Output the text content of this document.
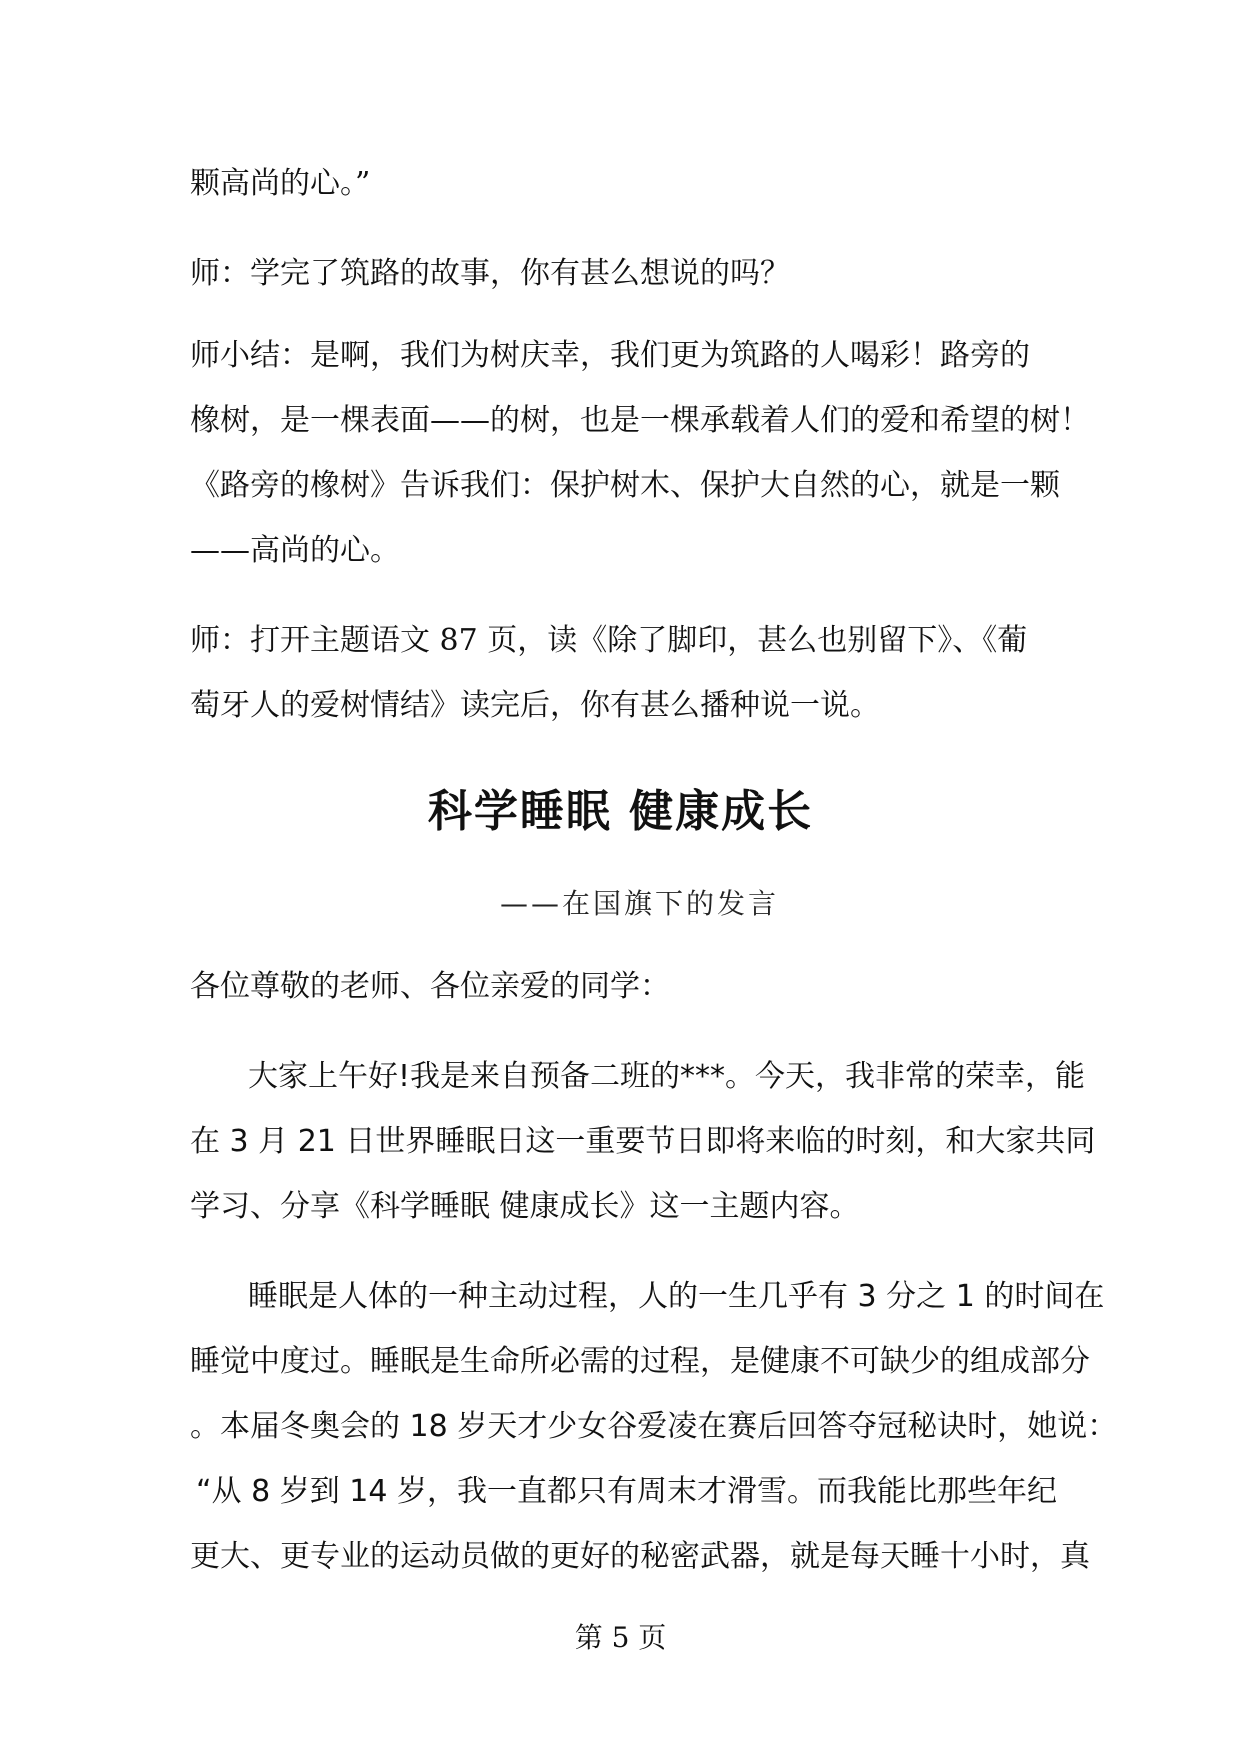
颗高尚的心。”
师：学完了筑路的故事，你有甚么想说的吗？
师小结：是啊，我们为树庆幸，我们更为筑路的人喝彩！路旁的
橡树，是一棵表面——的树，也是一棵承载着人们的爱和希望的树！
《路旁的橡树》告诉我们：保护树木、保护大自然的心，就是一颗
——高尚的心。
师：打开主题语文 87 页，读《除了脚印，甚么也别留下》、《葡
萄牙人的爱树情结》读完后，你有甚么播种说一说。
科学睡眠 健康成长
——在国旗下的发言
各位尊敬的老师、各位亲爱的同学：
大家上午好!我是来自预备二班的***。今天，我非常的荣幸，能
在 3 月 21 日世界睡眠日这一重要节日即将来临的时刻，和大家共同
学习、分享《科学睡眠 健康成长》这一主题内容。
睡眠是人体的一种主动过程，人的一生几乎有 3 分之 1 的时间在
睡觉中度过。睡眠是生命所必需的过程，是健康不可缺少的组成部分
。本届冬奥会的 18 岁天才少女谷爱凌在赛后回答夺冠秘诀时，她说：
“从 8 岁到 14 岁，我一直都只有周末才滑雪。而我能比那些年纪
更大、更专业的运动员做的更好的秘密武器，就是每天睡十小时，真
第 5 页
